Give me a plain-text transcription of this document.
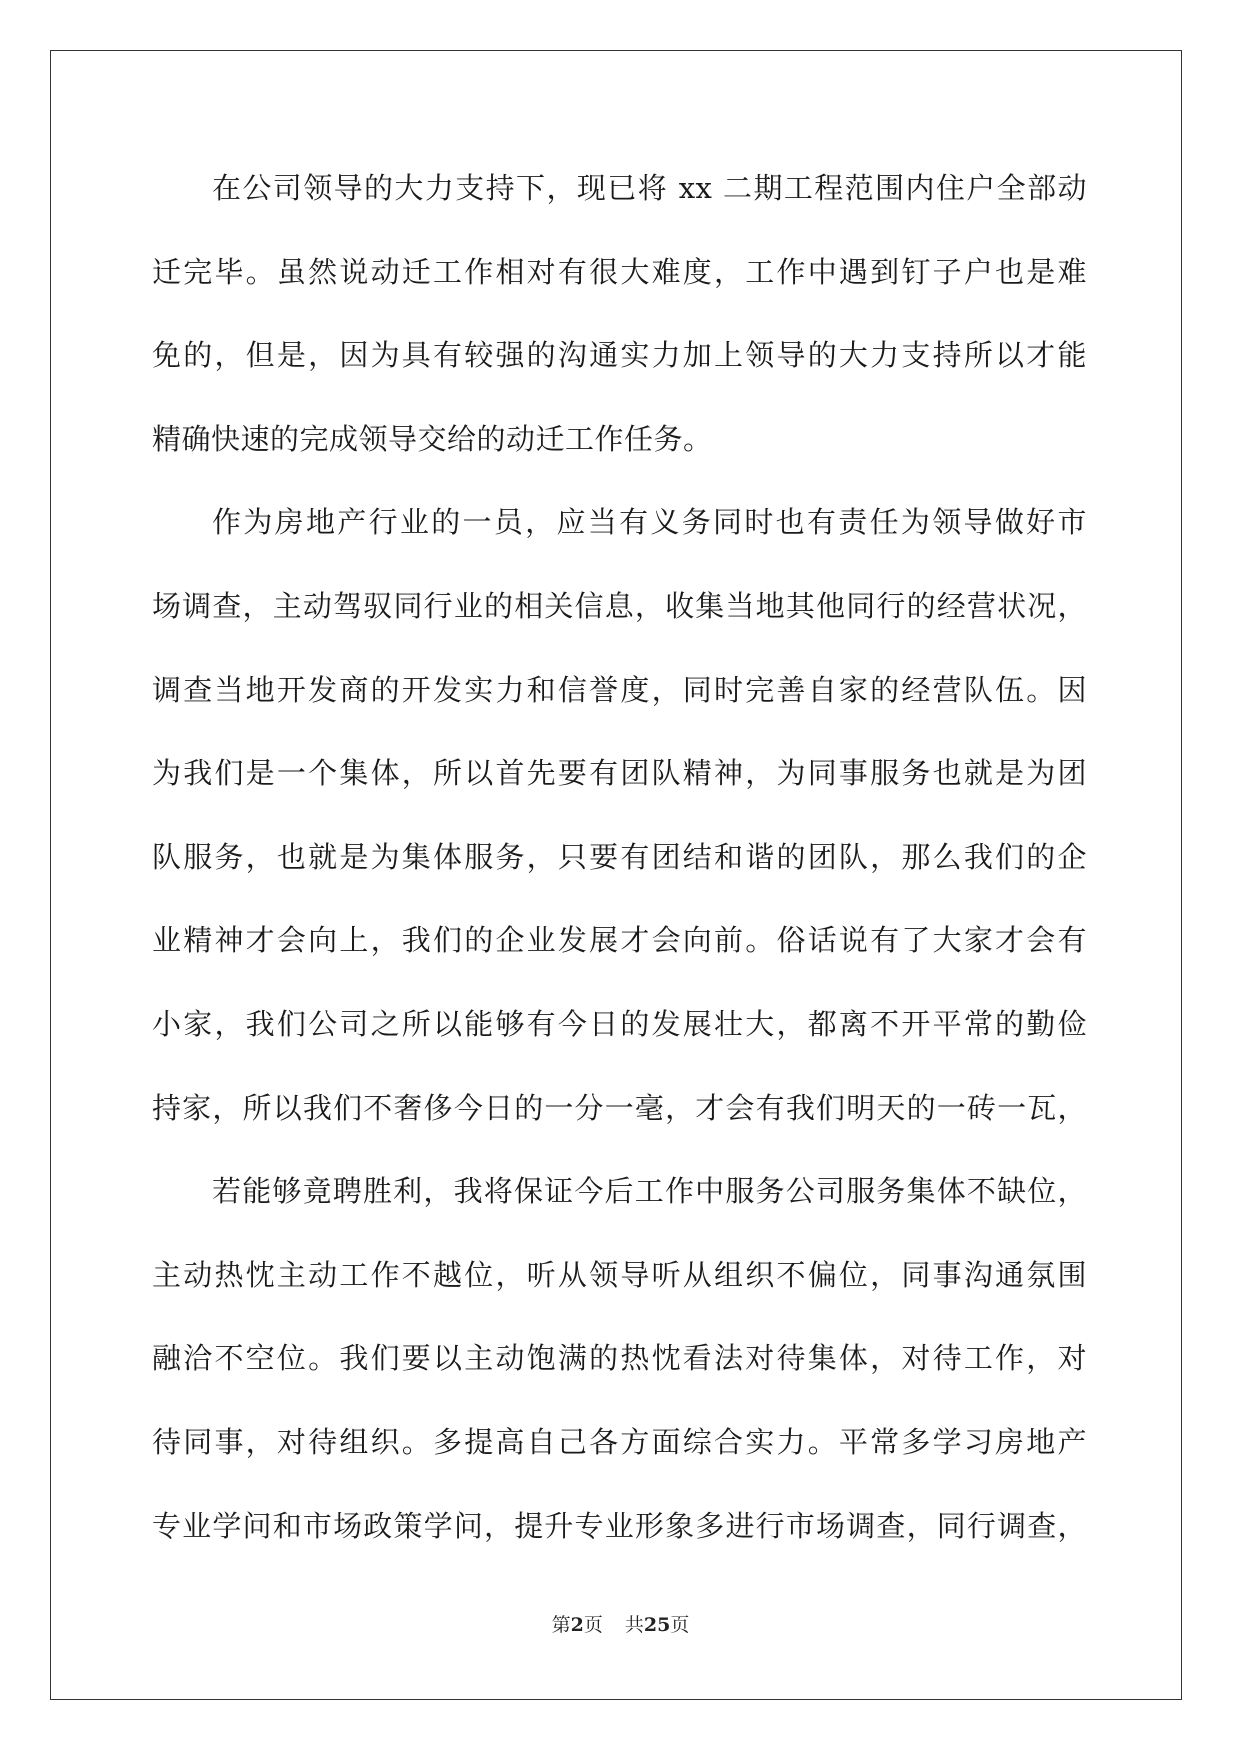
在公司领导的大力支持下，现已将 xx 二期工程范围内住户全部动
迁完毕。虽然说动迁工作相对有很大难度，工作中遇到钉子户也是难
免的，但是，因为具有较强的沟通实力加上领导的大力支持所以才能
精确快速的完成领导交给的动迁工作任务。
作为房地产行业的一员，应当有义务同时也有责任为领导做好市
场调查，主动驾驭同行业的相关信息，收集当地其他同行的经营状况，
调查当地开发商的开发实力和信誉度，同时完善自家的经营队伍。因
为我们是一个集体，所以首先要有团队精神，为同事服务也就是为团
队服务，也就是为集体服务，只要有团结和谐的团队，那么我们的企
业精神才会向上，我们的企业发展才会向前。俗话说有了大家才会有
小家，我们公司之所以能够有今日的发展壮大，都离不开平常的勤俭
持家，所以我们不奢侈今日的一分一毫，才会有我们明天的一砖一瓦，
若能够竟聘胜利，我将保证今后工作中服务公司服务集体不缺位，
主动热忱主动工作不越位，听从领导听从组织不偏位，同事沟通氛围
融洽不空位。我们要以主动饱满的热忱看法对待集体，对待工作，对
待同事，对待组织。多提高自己各方面综合实力。平常多学习房地产
专业学问和市场政策学问，提升专业形象多进行市场调查，同行调查，
第2页 共25页
